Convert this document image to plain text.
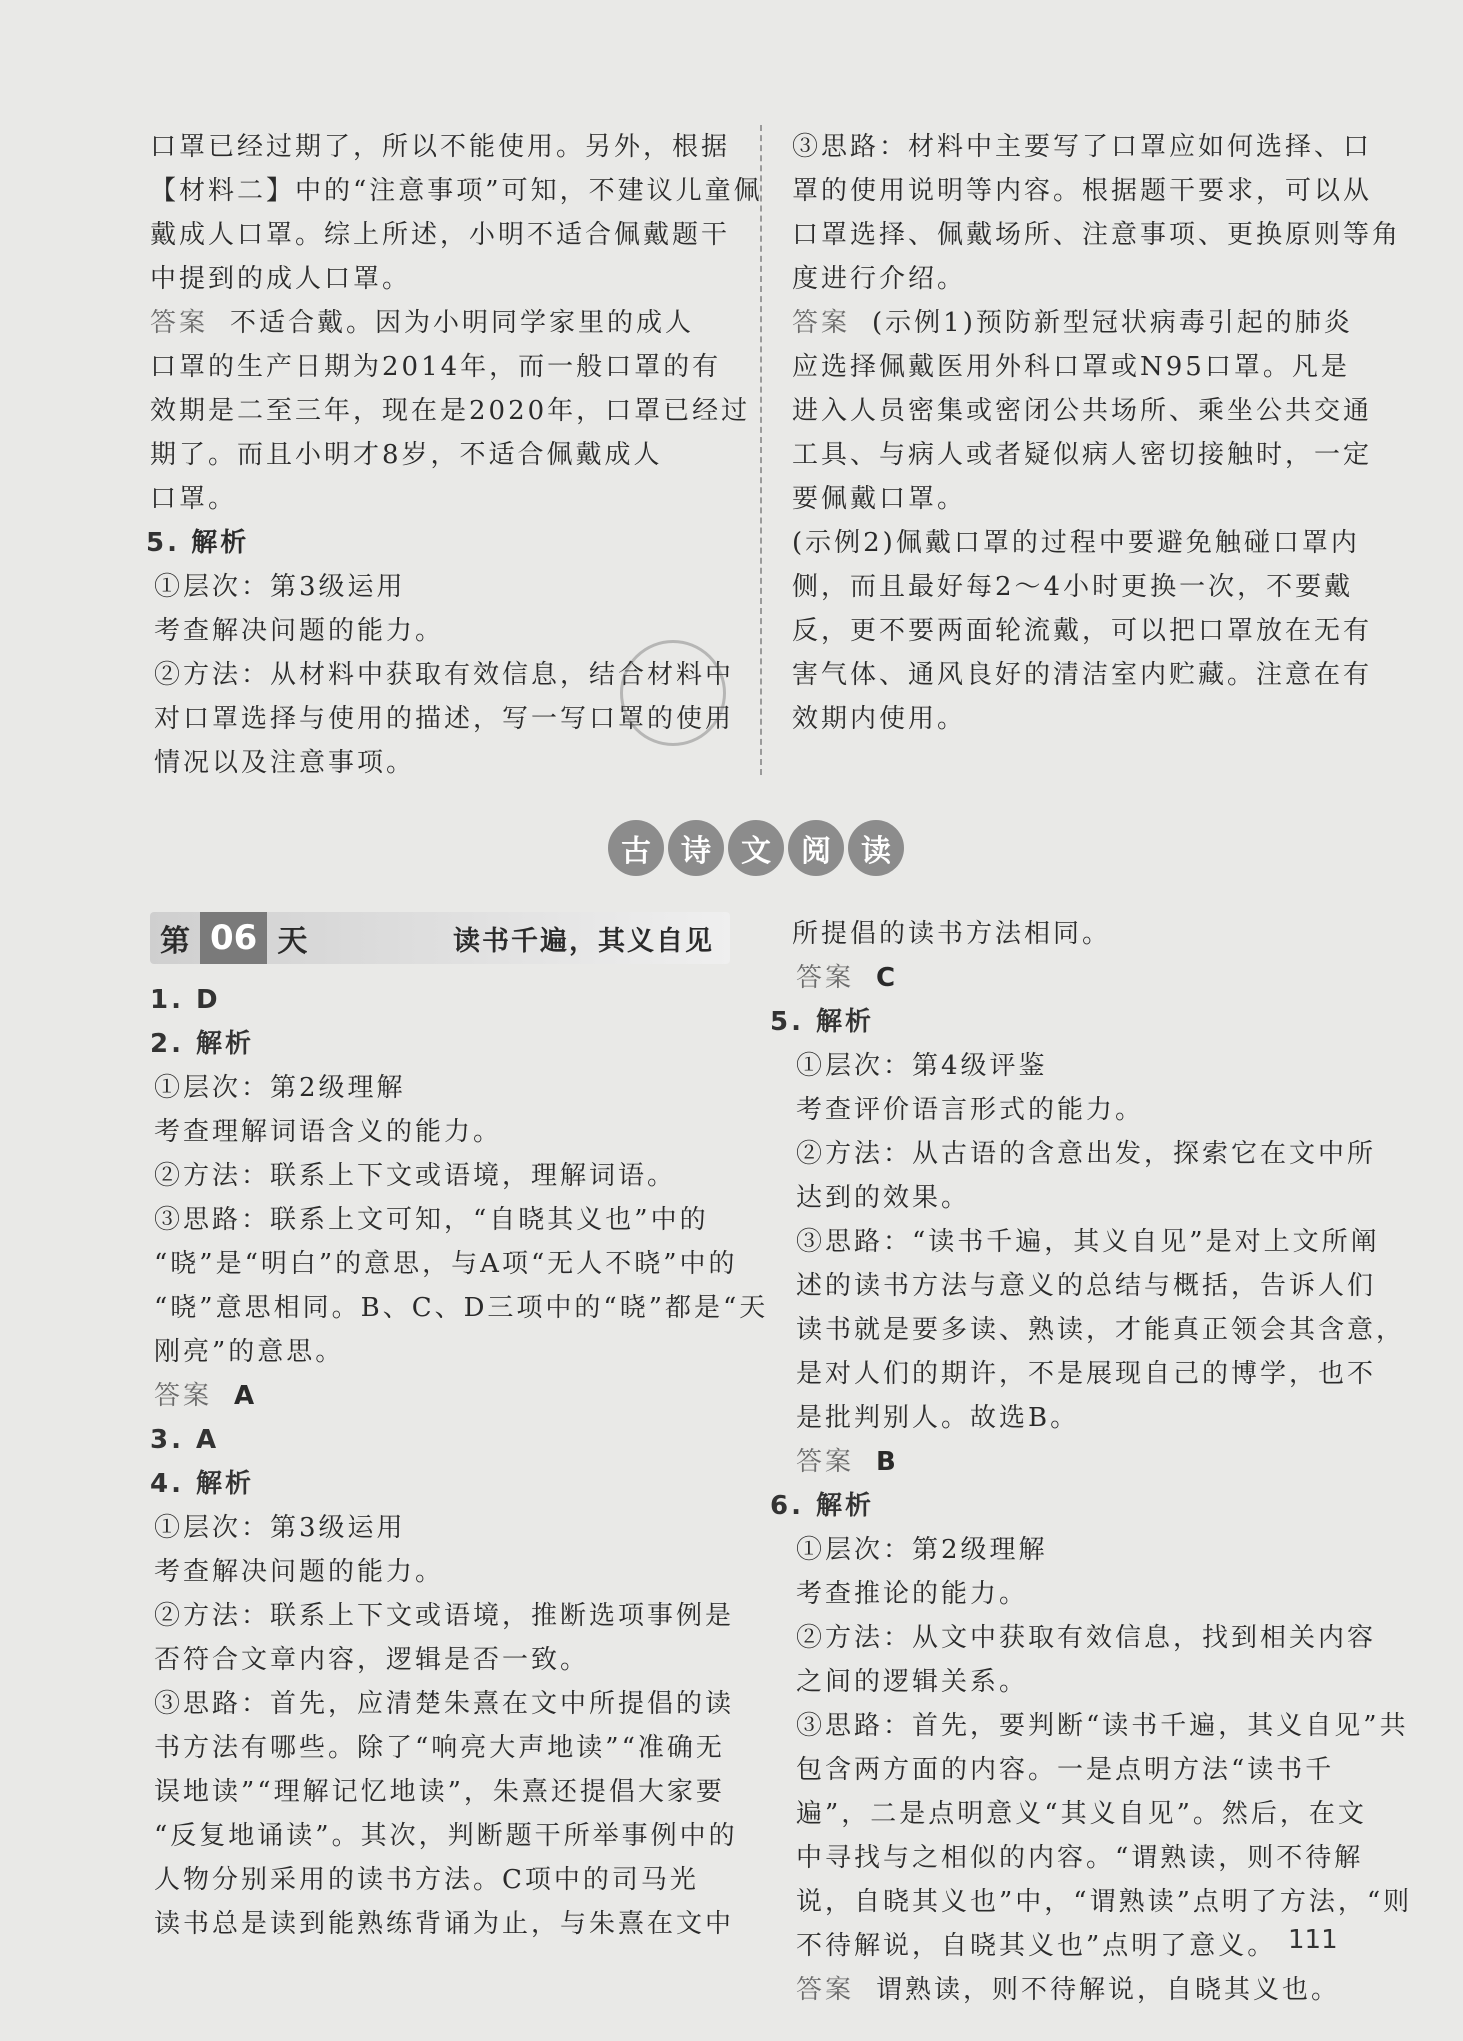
口罩已经过期了，所以不能使用。另外，根据

【材料二】中的“注意事项”可知，不建议儿童佩

戴成人口罩。综上所述，小明不适合佩戴题干

中提到的成人口罩。

答案 不适合戴。因为小明同学家里的成人

口罩的生产日期为2014年，而一般口罩的有

效期是二至三年，现在是2020年，口罩已经过

期了。而且小明才8岁，不适合佩戴成人

口罩。

5. 解析

①层次：第3级运用

考查解决问题的能力。

②方法：从材料中获取有效信息，结合材料中

对口罩选择与使用的描述，写一写口罩的使用

情况以及注意事项。

③思路：材料中主要写了口罩应如何选择、口

罩的使用说明等内容。根据题干要求，可以从

口罩选择、佩戴场所、注意事项、更换原则等角

度进行介绍。

答案 (示例1)预防新型冠状病毒引起的肺炎

应选择佩戴医用外科口罩或N95口罩。凡是

进入人员密集或密闭公共场所、乘坐公共交通

工具、与病人或者疑似病人密切接触时，一定

要佩戴口罩。

(示例2)佩戴口罩的过程中要避免触碰口罩内

侧，而且最好每2～4小时更换一次，不要戴

反，更不要两面轮流戴，可以把口罩放在无有

害气体、通风良好的清洁室内贮藏。注意在有

效期内使用。

古	诗	文	阅	读
第 06 天	读书千遍，其义自见

1. D

2. 解析

①层次：第2级理解

考查理解词语含义的能力。

②方法：联系上下文或语境，理解词语。

③思路：联系上文可知，“自晓其义也”中的

“晓”是“明白”的意思，与A项“无人不晓”中的

“晓”意思相同。B、C、D三项中的“晓”都是“天

刚亮”的意思。

答案 A

3. A

4. 解析

①层次：第3级运用

考查解决问题的能力。

②方法：联系上下文或语境，推断选项事例是

否符合文章内容，逻辑是否一致。

③思路：首先，应清楚朱熹在文中所提倡的读

书方法有哪些。除了“响亮大声地读”“准确无

误地读”“理解记忆地读”，朱熹还提倡大家要

“反复地诵读”。其次，判断题干所举事例中的

人物分别采用的读书方法。C项中的司马光

读书总是读到能熟练背诵为止，与朱熹在文中

所提倡的读书方法相同。

答案 C

5. 解析

①层次：第4级评鉴

考查评价语言形式的能力。

②方法：从古语的含意出发，探索它在文中所

达到的效果。

③思路：“读书千遍，其义自见”是对上文所阐

述的读书方法与意义的总结与概括，告诉人们

读书就是要多读、熟读，才能真正领会其含意，

是对人们的期许，不是展现自己的博学，也不

是批判别人。故选B。

答案 B

6. 解析

①层次：第2级理解

考查推论的能力。

②方法：从文中获取有效信息，找到相关内容

之间的逻辑关系。

③思路：首先，要判断“读书千遍，其义自见”共

包含两方面的内容。一是点明方法“读书千

遍”，二是点明意义“其义自见”。然后，在文

中寻找与之相似的内容。“谓熟读，则不待解

说，自晓其义也”中，“谓熟读”点明了方法，“则

不待解说，自晓其义也”点明了意义。

答案 谓熟读，则不待解说，自晓其义也。

111
